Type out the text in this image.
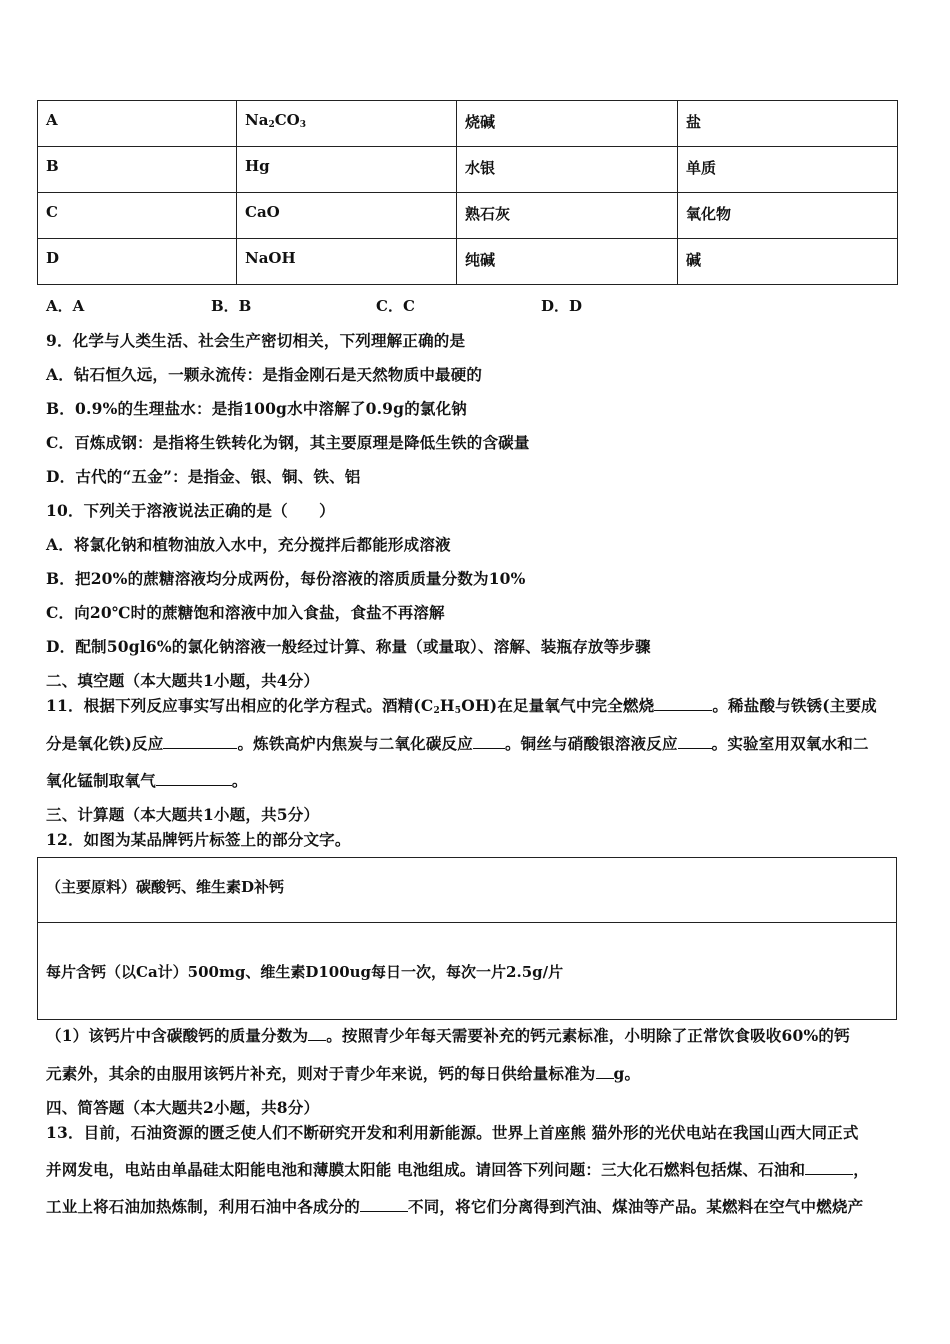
A	$Na_2CO_3$	烧碱	盐
B	Hg	水银	单质
C	CaO	熟石灰	氧化物
D	NaOH	纯碱	碱
A．A	B．B	C．C	D．D
9．化学与人类生活、社会生产密切相关，下列理解正确的是
A．钻石恒久远，一颗永流传：是指金刚石是天然物质中最硬的
B．0.9%的生理盐水：是指100g水中溶解了0.9g的氯化钠
C．百炼成钢：是指将生铁转化为钢，其主要原理是降低生铁的含碳量
D．古代的“五金”：是指金、银、铜、铁、铝
10．下列关于溶液说法正确的是（　　）
A．将氯化钠和植物油放入水中，充分搅拌后都能形成溶液
B．把20%的蔗糖溶液均分成两份，每份溶液的溶质质量分数为10%
C．向20℃时的蔗糖饱和溶液中加入食盐，食盐不再溶解
D．配制50gl6%的氯化钠溶液一般经过计算、称量（或量取）、溶解、装瓶存放等步骤
二、填空题（本大题共1小题，共4分）
11．根据下列反应事实写出相应的化学方程式。酒精$(C_2H_5OH)$在足量氧气中完全燃烧	。稀盐酸与铁锈(主要成
分是氧化铁)反应	。炼铁高炉内焦炭与二氧化碳反应 。铜丝与硝酸银溶液反应 。实验室用双氧水和二
氧化锰制取氧气	。
三、计算题（本大题共1小题，共5分）
12．如图为某品牌钙片标签上的部分文字。
（主要原料）碳酸钙、维生素D补钙
每片含钙（以Ca计）500mg、维生素D100ug每日一次，每次一片2.5g/片
（1）该钙片中含碳酸钙的质量分数为 。按照青少年每天需要补充的钙元素标准，小明除了正常饮食吸收60%的钙
元素外，其余的由服用该钙片补充，则对于青少年来说，钙的每日供给量标准为 g。
四、简答题（本大题共2小题，共8分）
13．目前，石油资源的匮乏使人们不断研究开发和利用新能源。世界上首座熊 猫外形的光伏电站在我国山西大同正式
并网发电，电站由单晶硅太阳能电池和薄膜太阳能 电池组成。请回答下列问题：三大化石燃料包括煤、石油和	，
工业上将石油加热炼制，利用石油中各成分的	不同，将它们分离得到汽油、煤油等产品。某燃料在空气中燃烧产
